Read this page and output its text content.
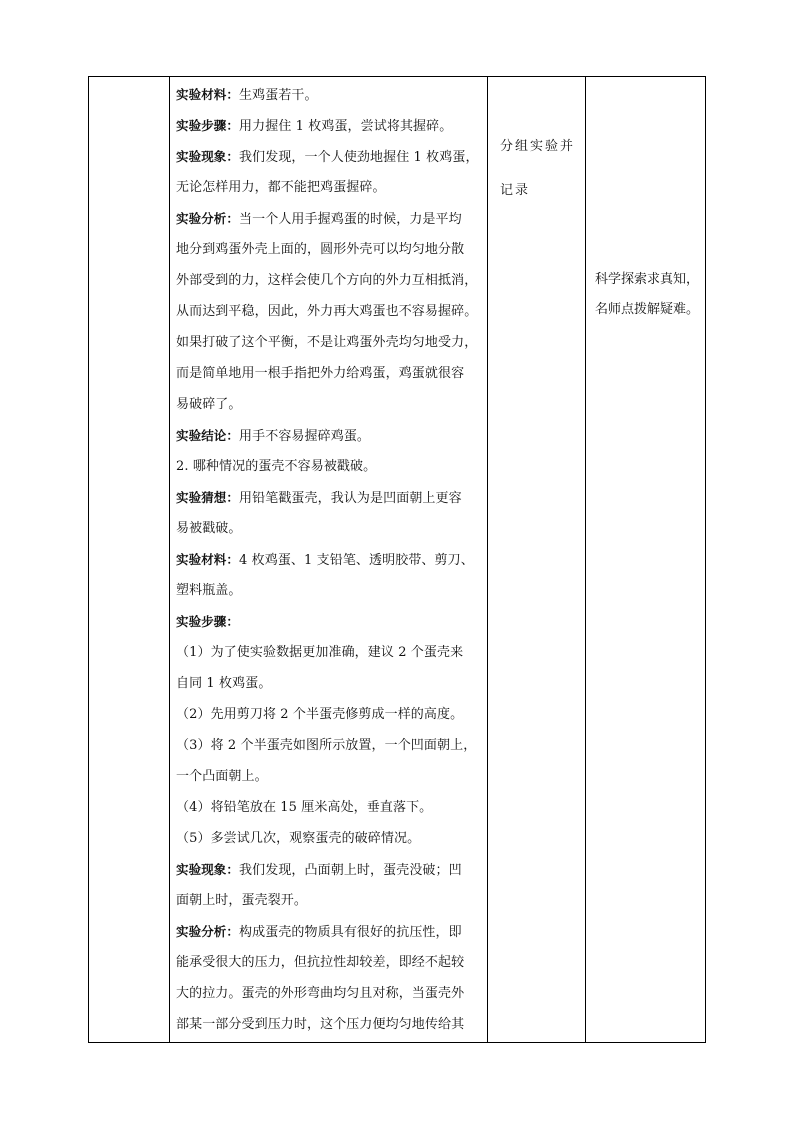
实验材料：生鸡蛋若干。
实验步骤：用力握住 1 枚鸡蛋，尝试将其握碎。
实验现象：我们发现，一个人使劲地握住 1 枚鸡蛋，
无论怎样用力，都不能把鸡蛋握碎。
实验分析：当一个人用手握鸡蛋的时候，力是平均
地分到鸡蛋外壳上面的，圆形外壳可以均匀地分散
外部受到的力，这样会使几个方向的外力互相抵消，
从而达到平稳，因此，外力再大鸡蛋也不容易握碎。
如果打破了这个平衡，不是让鸡蛋外壳均匀地受力，
而是简单地用一根手指把外力给鸡蛋，鸡蛋就很容
易破碎了。
实验结论：用手不容易握碎鸡蛋。
2. 哪种情况的蛋壳不容易被戳破。
实验猜想：用铅笔戳蛋壳，我认为是凹面朝上更容
易被戳破。
实验材料：4 枚鸡蛋、1 支铅笔、透明胶带、剪刀、
塑料瓶盖。
实验步骤：
（1）为了使实验数据更加准确，建议 2 个蛋壳来
自同 1 枚鸡蛋。
（2）先用剪刀将 2 个半蛋壳修剪成一样的高度。
（3）将 2 个半蛋壳如图所示放置，一个凹面朝上，
一个凸面朝上。
（4）将铅笔放在 15 厘米高处，垂直落下。
（5）多尝试几次，观察蛋壳的破碎情况。
实验现象：我们发现，凸面朝上时，蛋壳没破；凹
面朝上时，蛋壳裂开。
实验分析：构成蛋壳的物质具有很好的抗压性，即
能承受很大的压力，但抗拉性却较差，即经不起较
大的拉力。蛋壳的外形弯曲均匀且对称，当蛋壳外
部某一部分受到压力时，这个压力便均匀地传给其
分组实验并
记录
科学探索求真知，
名师点拨解疑难。
